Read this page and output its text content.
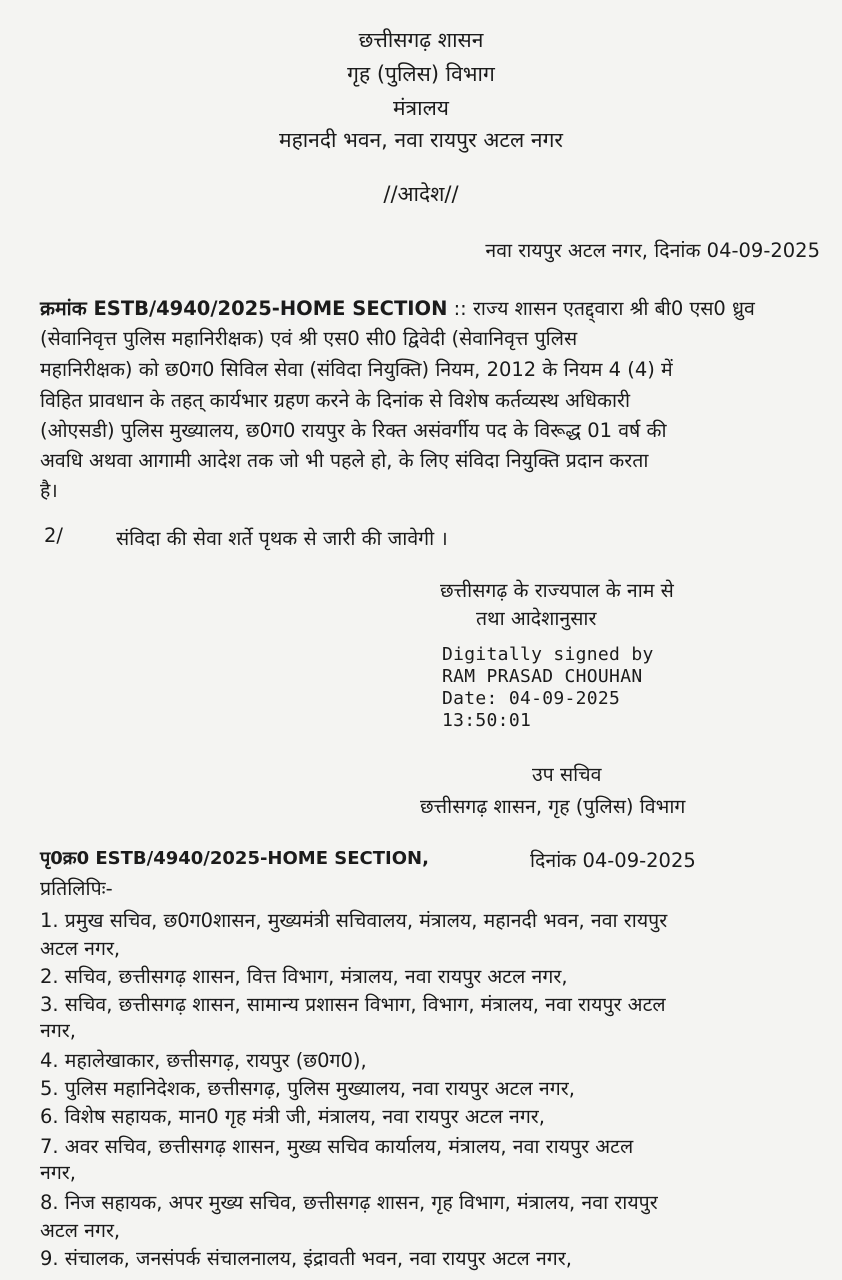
छत्तीसगढ़ शासन
गृह (पुलिस) विभाग
मंत्रालय
महानदी भवन, नवा रायपुर अटल नगर
//आदेश//
नवा रायपुर अटल नगर, दिनांक 04-09-2025
क्रमांक ESTB/4940/2025-HOME SECTION :: राज्य शासन एतद्द्वारा श्री बी0 एस0 ध्रुव
(सेवानिवृत्त पुलिस महानिरीक्षक) एवं श्री एस0 सी0 द्विवेदी (सेवानिवृत्त पुलिस
महानिरीक्षक) को छ0ग0 सिविल सेवा (संविदा नियुक्ति) नियम, 2012 के नियम 4 (4) में
विहित प्रावधान के तहत् कार्यभार ग्रहण करने के दिनांक से विशेष कर्तव्यस्थ अधिकारी
(ओएसडी) पुलिस मुख्यालय, छ0ग0 रायपुर के रिक्त असंवर्गीय पद के विरूद्ध 01 वर्ष की
अवधि अथवा आगामी आदेश तक जो भी पहले हो, के लिए संविदा नियुक्ति प्रदान करता
है।
2/	संविदा की सेवा शर्ते पृथक से जारी की जावेगी ।
छत्तीसगढ़ के राज्यपाल के नाम से
तथा आदेशानुसार
Digitally signed by
RAM PRASAD CHOUHAN
Date: 04-09-2025
13:50:01
उप सचिव
छत्तीसगढ़ शासन, गृह (पुलिस) विभाग
पृ0क्र0 ESTB/4940/2025-HOME SECTION,	दिनांक 04-09-2025
प्रतिलिपिः-
1. प्रमुख सचिव, छ0ग0शासन, मुख्यमंत्री सचिवालय, मंत्रालय, महानदी भवन, नवा रायपुर
अटल नगर,
2. सचिव, छत्तीसगढ़ शासन, वित्त विभाग, मंत्रालय, नवा रायपुर अटल नगर,
3. सचिव, छत्तीसगढ़ शासन, सामान्य प्रशासन विभाग, विभाग, मंत्रालय, नवा रायपुर अटल
नगर,
4. महालेखाकार, छत्तीसगढ़, रायपुर (छ0ग0),
5. पुलिस महानिदेशक, छत्तीसगढ़, पुलिस मुख्यालय, नवा रायपुर अटल नगर,
6. विशेष सहायक, मान0 गृह मंत्री जी, मंत्रालय, नवा रायपुर अटल नगर,
7. अवर सचिव, छत्तीसगढ़ शासन, मुख्य सचिव कार्यालय, मंत्रालय, नवा रायपुर अटल
नगर,
8. निज सहायक, अपर मुख्य सचिव, छत्तीसगढ़ शासन, गृह विभाग, मंत्रालय, नवा रायपुर
अटल नगर,
9. संचालक, जनसंपर्क संचालनालय, इंद्रावती भवन, नवा रायपुर अटल नगर,
